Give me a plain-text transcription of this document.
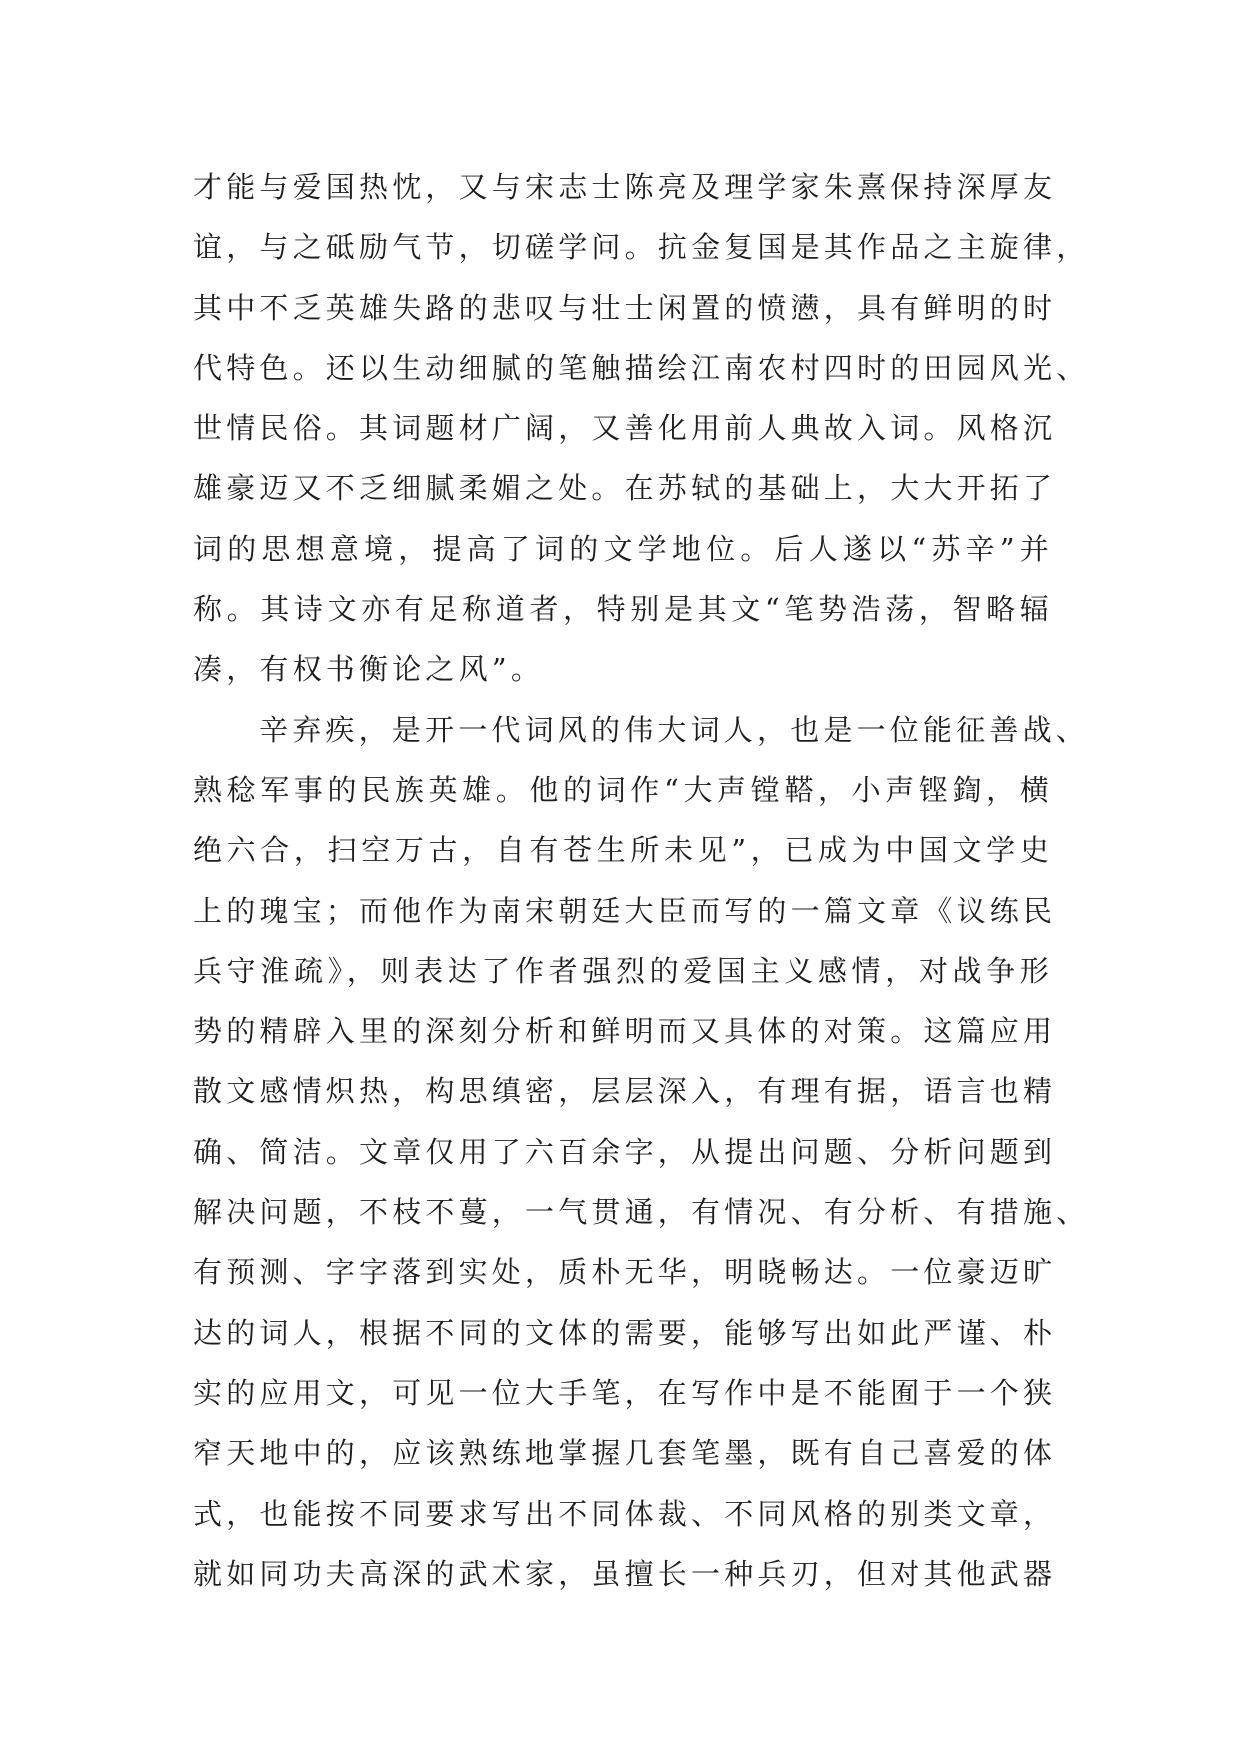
才能与爱国热忱，又与宋志士陈亮及理学家朱熹保持深厚友
谊，与之砥励气节，切磋学问。抗金复国是其作品之主旋律，
其中不乏英雄失路的悲叹与壮士闲置的愤懑，具有鲜明的时
代特色。还以生动细腻的笔触描绘江南农村四时的田园风光、
世情民俗。其词题材广阔，又善化用前人典故入词。风格沉
雄豪迈又不乏细腻柔媚之处。在苏轼的基础上，大大开拓了
词的思想意境，提高了词的文学地位。后人遂以“苏辛”并
称。其诗文亦有足称道者，特别是其文“笔势浩荡，智略辐
凑，有权书衡论之风”。
辛弃疾，是开一代词风的伟大词人，也是一位能征善战、
熟稔军事的民族英雄。他的词作“大声镗鞳，小声铿鍧，横
绝六合，扫空万古，自有苍生所未见”，已成为中国文学史
上的瑰宝；而他作为南宋朝廷大臣而写的一篇文章《议练民
兵守淮疏》，则表达了作者强烈的爱国主义感情，对战争形
势的精辟入里的深刻分析和鲜明而又具体的对策。这篇应用
散文感情炽热，构思缜密，层层深入，有理有据，语言也精
确、简洁。文章仅用了六百余字，从提出问题、分析问题到
解决问题，不枝不蔓，一气贯通，有情况、有分析、有措施、
有预测、字字落到实处，质朴无华，明晓畅达。一位豪迈旷
达的词人，根据不同的文体的需要，能够写出如此严谨、朴
实的应用文，可见一位大手笔，在写作中是不能囿于一个狭
窄天地中的，应该熟练地掌握几套笔墨，既有自己喜爱的体
式，也能按不同要求写出不同体裁、不同风格的别类文章，
就如同功夫高深的武术家，虽擅长一种兵刃，但对其他武器
